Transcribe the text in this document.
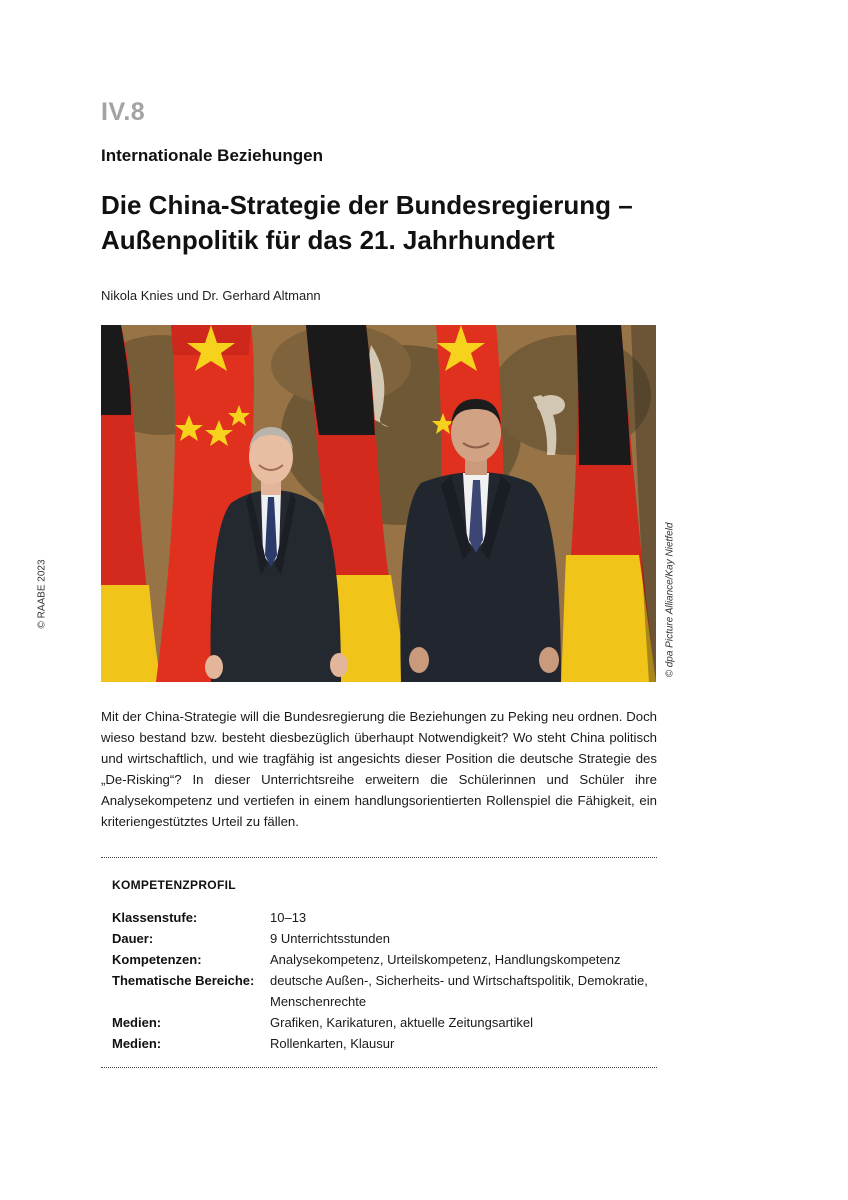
IV.8
Internationale Beziehungen
Die China-Strategie der Bundesregierung – Außenpolitik für das 21. Jahrhundert
Nikola Knies und Dr. Gerhard Altmann
© RAABE 2023	© dpa Picture Alliance/Kay Nietfeld

Mit der China-Strategie will die Bundesregierung die Beziehungen zu Peking neu ordnen. Doch wieso bestand bzw. besteht diesbezüglich überhaupt Notwendigkeit? Wo steht China politisch und wirtschaftlich, und wie tragfähig ist angesichts dieser Position die deutsche Strategie des „De-Risking“? In dieser Unterrichtsreihe erweitern die Schülerinnen und Schüler ihre Analysekompetenz und vertiefen in einem handlungsorientierten Rollenspiel die Fähigkeit, ein kriteriengestütztes Urteil zu fällen.

KOMPETENZPROFIL
Klassenstufe:	10–13
Dauer:	9 Unterrichtsstunden
Kompetenzen:	Analysekompetenz, Urteilskompetenz, Handlungskompetenz
Thematische Bereiche:	deutsche Außen-, Sicherheits- und Wirtschaftspolitik, Demokratie, Menschenrechte
Medien:	Grafiken, Karikaturen, aktuelle Zeitungsartikel
Medien:	Rollenkarten, Klausur
